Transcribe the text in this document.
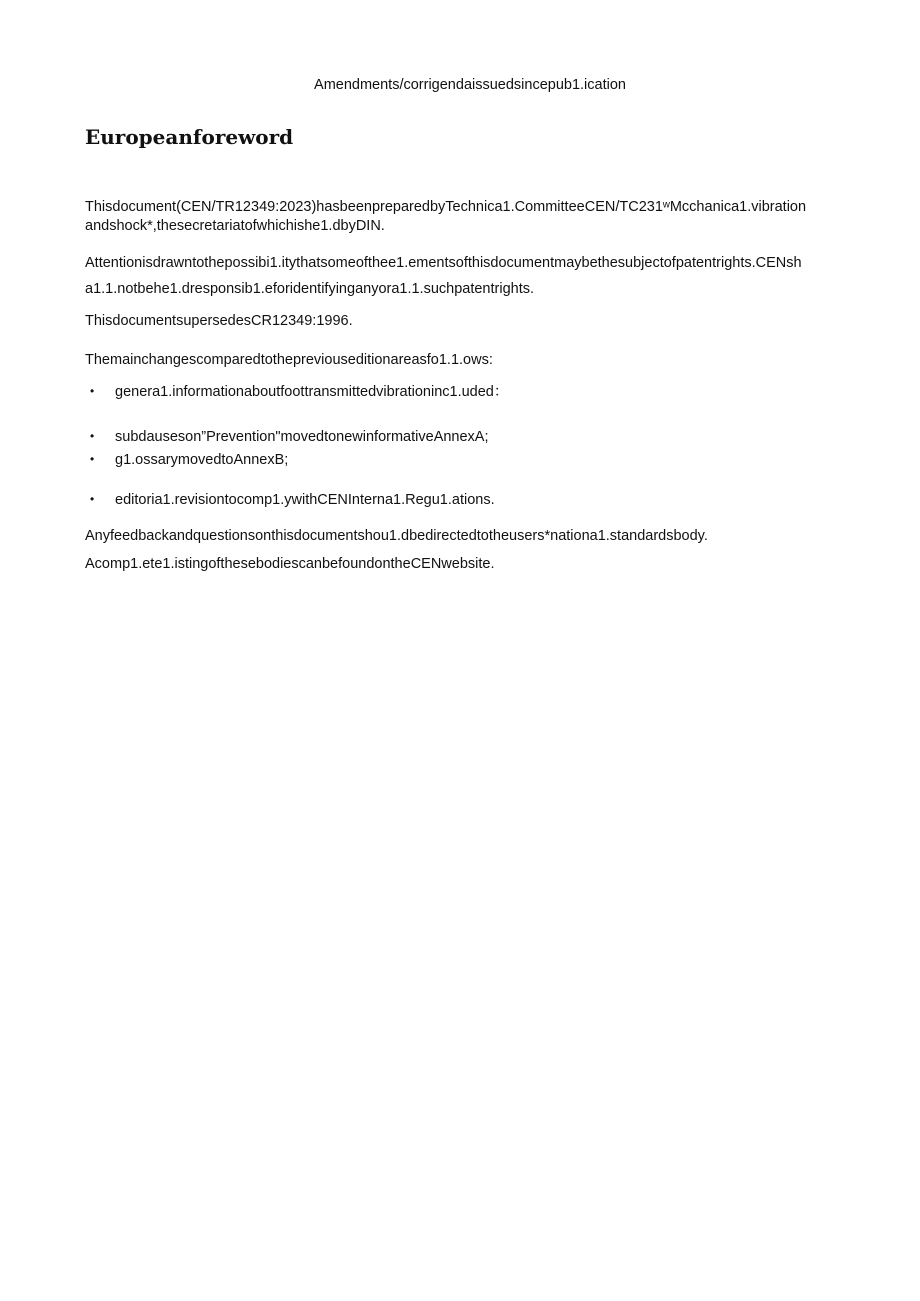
Amendments/corrigendaissuedsincepub1.ication
Europeanforeword

Thisdocument(CEN/TR12349:2023)hasbeenpreparedbyTechnica1.CommitteeCEN/TC231ʷMcchanica1.vibration andshock*,thesecretariatofwhichishe1.dbyDIN.

Attentionisdrawntothepossibi1.itythatsomeofthee1.ementsofthisdocumentmaybethesubjectofpatentrights.CENsh

a1.1.notbehe1.dresponsib1.eforidentifyinganyora1.1.suchpatentrights.

ThisdocumentsupersedesCR12349:1996.

Themainchangescomparedtothepreviouseditionareasfo1.1.ows:

• genera1.informationaboutfoottransmittedvibrationinc1.uded：
• subdauseson”Prevention"movedtonewinformativeAnnexA;
• g1.ossarymovedtoAnnexB;
• editoria1.revisiontocomp1.ywithCENInterna1.Regu1.ations.

Anyfeedbackandquestionsonthisdocumentshou1.dbedirectedtotheusers*nationa1.standardsbody.

Acomp1.ete1.istingofthesebodiescanbefoundontheCENwebsite.
